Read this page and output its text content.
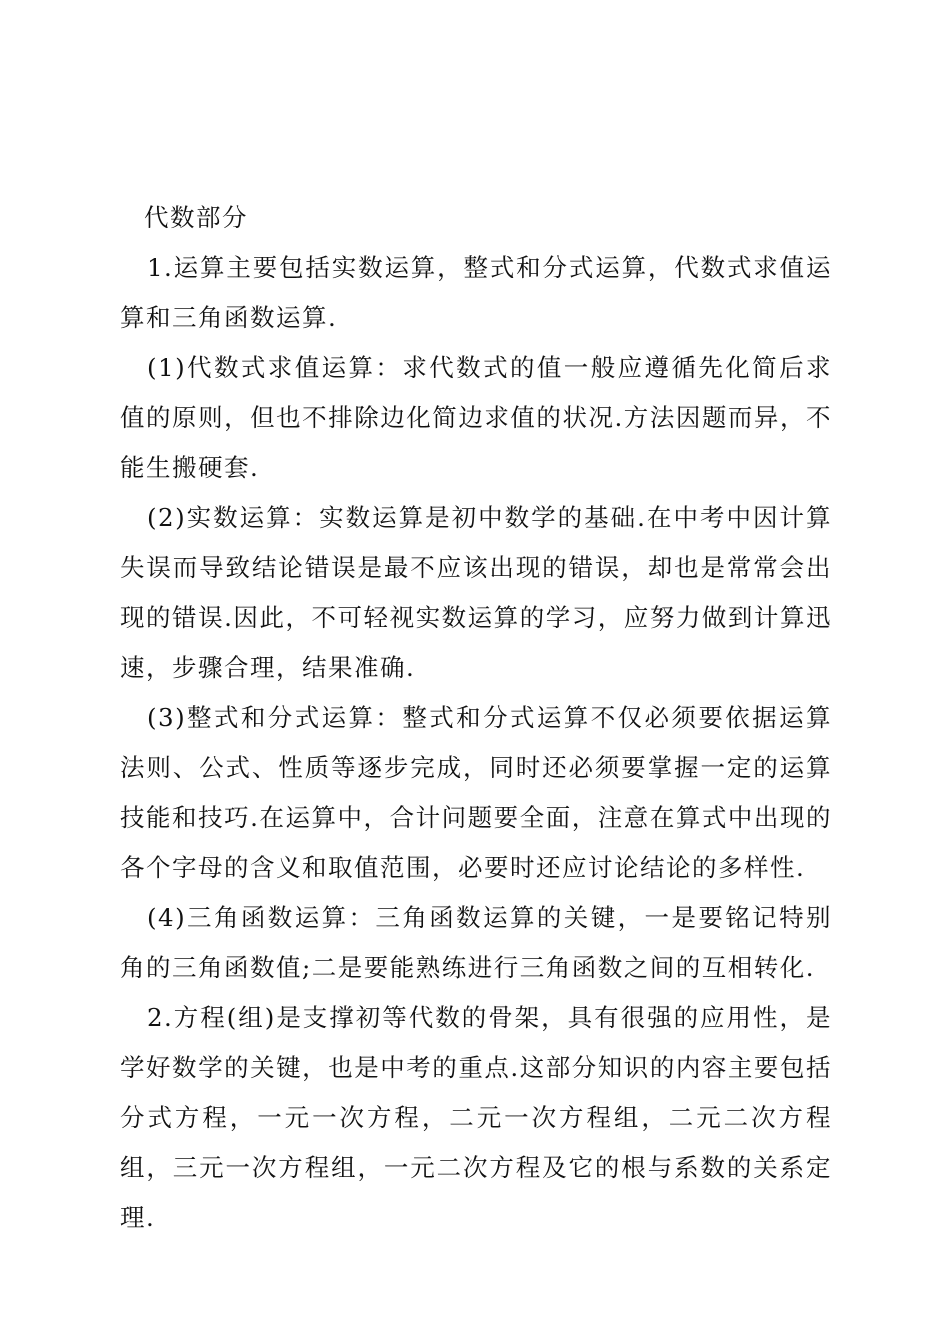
代数部分

1.运算主要包括实数运算，整式和分式运算，代数式求值运算和三角函数运算.

(1)代数式求值运算：求代数式的值一般应遵循先化简后求值的原则，但也不排除边化简边求值的状况.方法因题而异，不能生搬硬套.

(2)实数运算：实数运算是初中数学的基础.在中考中因计算失误而导致结论错误是最不应该出现的错误，却也是常常会出现的错误.因此，不可轻视实数运算的学习，应努力做到计算迅速，步骤合理，结果准确.

(3)整式和分式运算：整式和分式运算不仅必须要依据运算法则、公式、性质等逐步完成，同时还必须要掌握一定的运算技能和技巧.在运算中，合计问题要全面，注意在算式中出现的各个字母的含义和取值范围，必要时还应讨论结论的多样性.

(4)三角函数运算：三角函数运算的关键，一是要铭记特别角的三角函数值;二是要能熟练进行三角函数之间的互相转化.

2.方程(组)是支撑初等代数的骨架，具有很强的应用性，是学好数学的关键，也是中考的重点.这部分知识的内容主要包括分式方程，一元一次方程，二元一次方程组，二元二次方程组，三元一次方程组，一元二次方程及它的根与系数的关系定理.
